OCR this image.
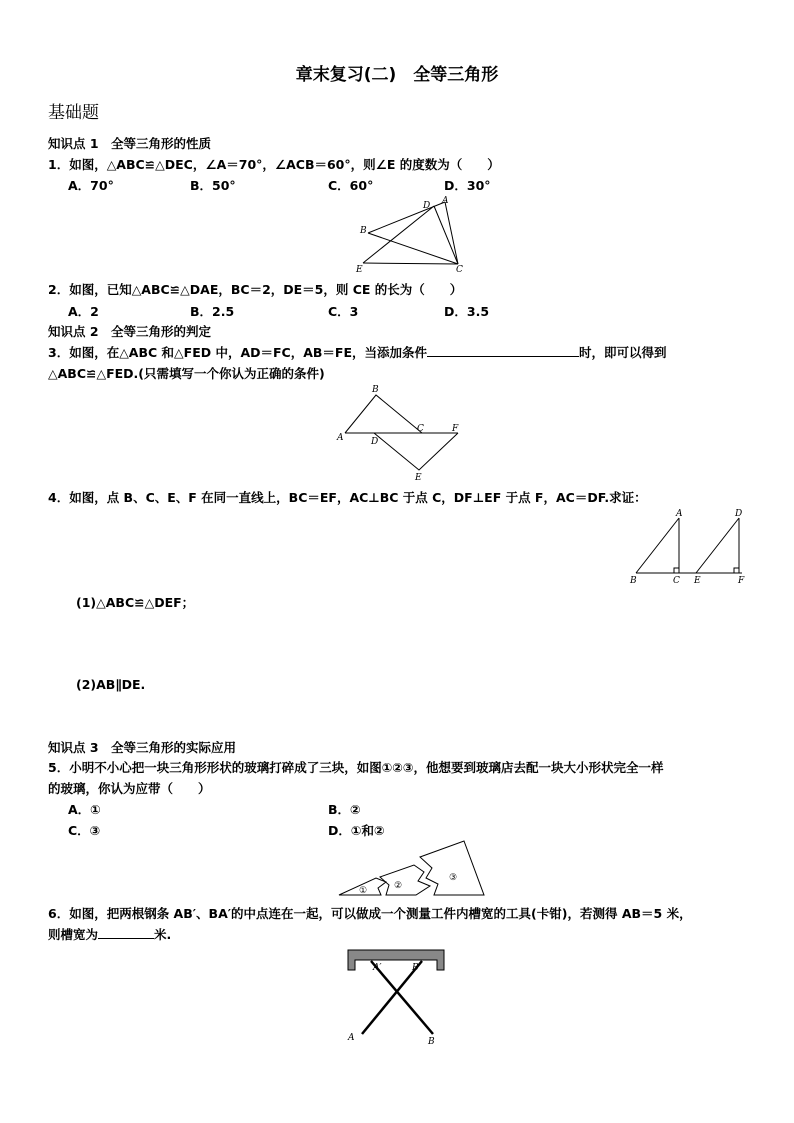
章末复习(二)　全等三角形
基础题
知识点 1　全等三角形的性质
1．如图，△ABC≌△DEC，∠A＝70°，∠ACB＝60°，则∠E 的度数为（　　）
A．70°	B．50°	C．60°	D．30°
D A
B
E	C
2．如图，已知△ABC≌△DAE，BC＝2，DE＝5，则 CE 的长为（　　）
A．2	B．2.5	C．3	D．3.5
知识点 2　全等三角形的判定
3．如图，在△ABC 和△FED 中，AD＝FC，AB＝FE，当添加条件	时，即可以得到
△ABC≌△FED.(只需填写一个你认为正确的条件)
B
A	D
C	F
E
4．如图，点 B、C、E、F 在同一直线上，BC＝EF，AC⊥BC 于点 C，DF⊥EF 于点 F，AC＝DF.求证：
A	D
B	C E	F
(1)△ABC≌△DEF；
(2)AB∥DE.
知识点 3　全等三角形的实际应用
5．小明不小心把一块三角形形状的玻璃打碎成了三块，如图①②③，他想要到玻璃店去配一块大小形状完全一样
的玻璃，你认为应带（　　）
A．①	B．②
C．③	D．①和②
①	②
③
6．如图，把两根钢条 AB′、BA′的中点连在一起，可以做成一个测量工件内槽宽的工具(卡钳)，若测得 AB＝5 米，
则槽宽为	米.
A′	B′
A	B
